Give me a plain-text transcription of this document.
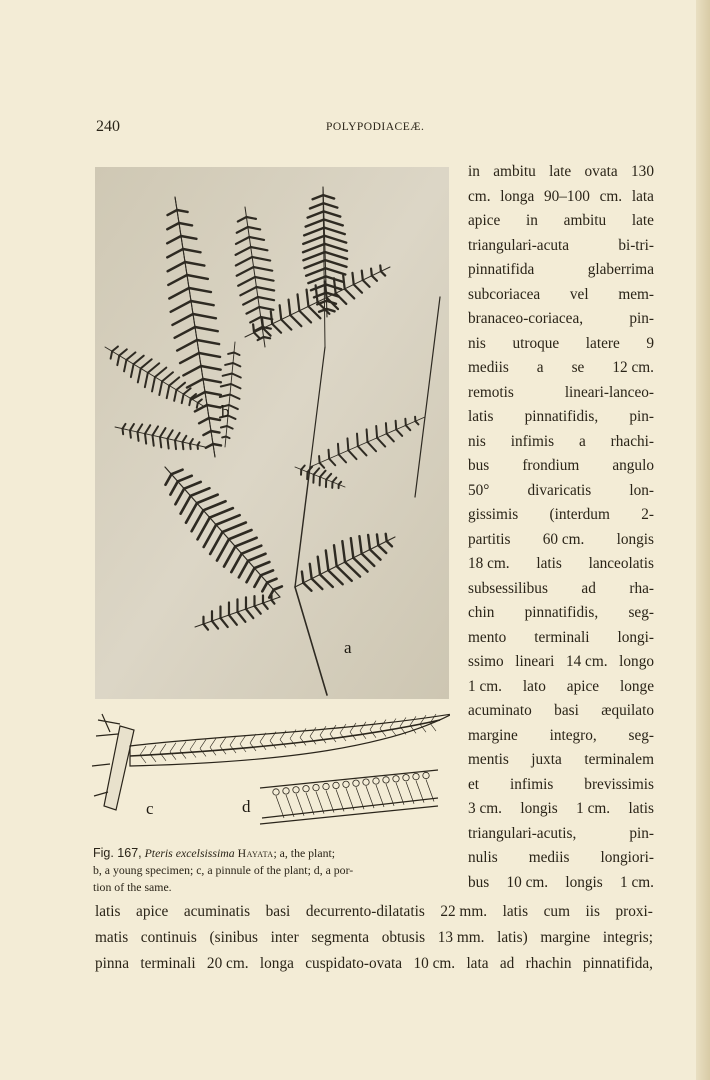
240	POLYPODIACEÆ.
b
a
c	d
Fig. 167, Pteris excelsissima Hayata; a, the plant;
b, a young specimen; c, a pinnule of the plant; d, a por-
tion of the same.
in ambitu late ovata 130
cm. longa 90–100 cm. lata
apice in ambitu late
triangulari-acuta	bi-tri-
pinnatifida	glaberrima
subcoriacea vel mem-
branaceo-coriacea,	pin-
nis utroque latere 9
mediis a se 12 cm.
remotis	lineari-lanceo-
latis pinnatifidis, pin-
nis infimis a rhachi-
bus frondium angulo
50° divaricatis lon-
gissimis (interdum 2-
partitis 60 cm. longis
18 cm. latis lanceolatis
subsessilibus ad rha-
chin pinnatifidis, seg-
mento terminali longi-
ssimo lineari 14 cm. longo
1 cm. lato apice longe
acuminato basi æquilato
margine integro, seg-
mentis juxta terminalem
et infimis brevissimis
3 cm. longis 1 cm. latis
triangulari-acutis,	pin-
nulis mediis longiori-
bus 10 cm. longis 1 cm.
latis apice acuminatis basi decurrento-dilatatis 22 mm. latis cum iis proxi-
matis continuis (sinibus inter segmenta obtusis 13 mm. latis) margine integris;
pinna terminali 20 cm. longa cuspidato-ovata 10 cm. lata ad rhachin pinnatifida,
